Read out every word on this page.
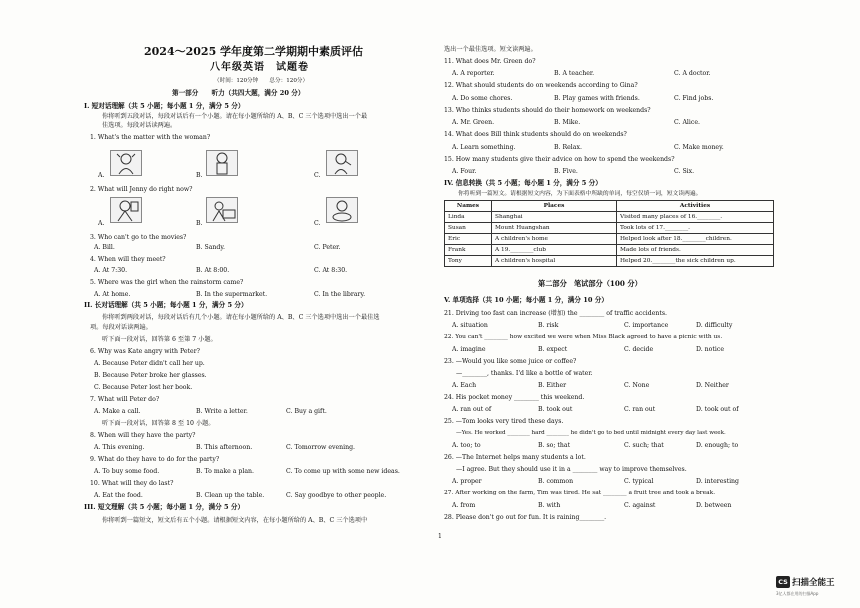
2024～2025 学年度第二学期期中素质评估
八年级英语　试题卷
（时间：120分钟　　总分：120分）
第一部分　　听力（共四大题，满分 20 分）
I. 短对话理解（共 5 小题；每小题 1 分，满分 5 分）
你将听到五段对话，每段对话后有一个小题。请在每小题所给的 A、B、C 三个选项中选出一个最
佳选项。每段对话读两遍。
1. What's the matter with the woman?
A.	B.	C.
2. What will Jenny do right now?
A.	B.	C.
3. Who can't go to the movies?
A. Bill.	B. Sandy.	C. Peter.
4. When will they meet?
A. At 7:30.	B. At 8:00.	C. At 8:30.
5. Where was the girl when the rainstorm came?
A. At home.	B. In the supermarket.	C. In the library.
II. 长对话理解（共 5 小题；每小题 1 分，满分 5 分）
你将听到两段对话，每段对话后有几个小题。请在每小题所给的 A、B、C 三个选项中选出一个最佳选
项。每段对话读两遍。
听下面一段对话，回答第 6 至第 7 小题。
6. Why was Kate angry with Peter?
A. Because Peter didn't call her up.
B. Because Peter broke her glasses.
C. Because Peter lost her book.
7. What will Peter do?
A. Make a call.	B. Write a letter.	C. Buy a gift.
听下面一段对话，回答第 8 至 10 小题。
8. When will they have the party?
A. This evening.	B. This afternoon.	C. Tomorrow evening.
9. What do they have to do for the party?
A. To buy some food.	B. To make a plan.	C. To come up with some new ideas.
10. What will they do last?
A. Eat the food.	B. Clean up the table.	C. Say goodbye to other people.
III. 短文理解（共 5 小题；每小题 1 分，满分 5 分）
你将听到一篇短文，短文后有五个小题。请根据短文内容，在每小题所给的 A、B、C 三个选项中
选出一个最佳选项。短文读两遍。
11. What does Mr. Green do?
A. A reporter.	B. A teacher.	C. A doctor.
12. What should students do on weekends according to Gina?
A. Do some chores.	B. Play games with friends.	C. Find jobs.
13. Who thinks students should do their homework on weekends?
A. Mr. Green.	B. Mike.	C. Alice.
14. What does Bill think students should do on weekends?
A. Learn something.	B. Relax.	C. Make money.
15. How many students give their advice on how to spend the weekends?
A. Four.	B. Five.	C. Six.
IV. 信息转换（共 5 小题；每小题 1 分，满分 5 分）
你将听到一篇短文。请根据短文内容，为下面表格中所缺的单词，每空仅填一词，短文读两遍。
Names	Places	Activities
Linda	Shanghai	Visited many places of 16.________.
Susan	Mount Huangshan	Took lots of 17.________.
Eric	A children's home	Helped look after 18.________children.
Frank	A 19.________club	Made lots of friends.
Tony	A children's hospital	Helped 20.________the sick children up.
第二部分　笔试部分（100 分）
V. 单项选择（共 10 小题；每小题 1 分，满分 10 分）
21. Driving too fast can increase (增加) the ________ of traffic accidents.
A. situation	B. risk	C. importance	D. difficulty
22. You can't ________ how excited we were when Miss Black agreed to have a picnic with us.
A. imagine	B. expect	C. decide	D. notice
23. —Would you like some juice or coffee?
—________, thanks. I'd like a bottle of water.
A. Each	B. Either	C. None	D. Neither
24. His pocket money ________ this weekend.
A. ran out of	B. took out	C. ran out	D. took out of
25. —Tom looks very tired these days.
—Yes. He worked ________ hard ________ he didn't go to bed until midnight every day last week.
A. too; to	B. so; that	C. such; that	D. enough; to
26. —The Internet helps many students a lot.
—I agree. But they should use it in a ________ way to improve themselves.
A. proper	B. common	C. typical	D. interesting
27. After working on the farm, Tim was tired. He sat ________ a fruit tree and took a break.
A. from	B. with	C. against	D. between
28. Please don't go out for fun. It is raining________.
1
CS 扫描全能王
3亿人都在用的扫描App
